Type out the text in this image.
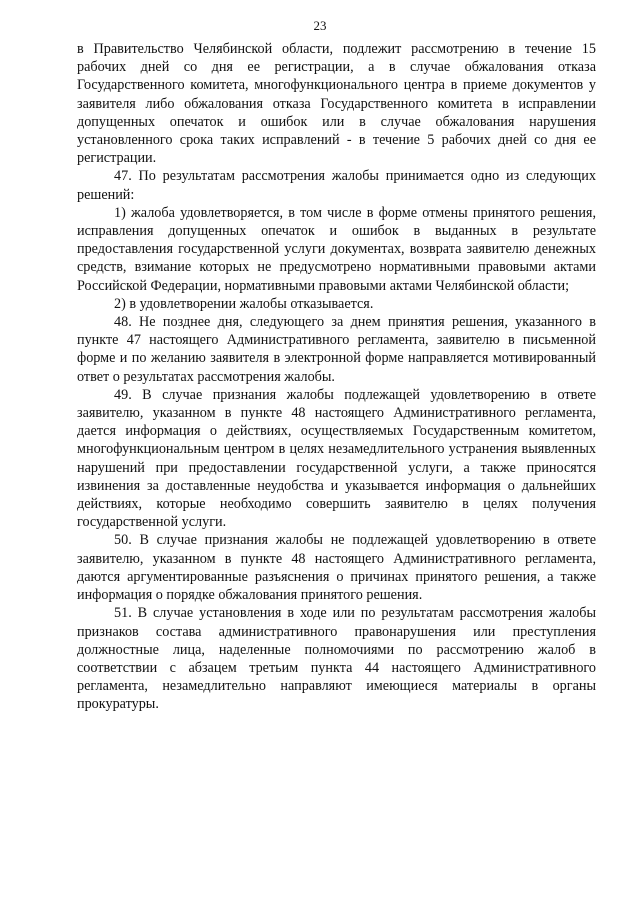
23

в Правительство Челябинской области, подлежит рассмотрению в течение 15 рабочих дней со дня ее регистрации, а в случае обжалования отказа Государственного комитета, многофункционального центра в приеме документов у заявителя либо обжалования отказа Государственного комитета в исправлении допущенных опечаток и ошибок или в случае обжалования нарушения установленного срока таких исправлений - в течение 5 рабочих дней со дня ее регистрации.

47. По результатам рассмотрения жалобы принимается одно из следующих решений:

1) жалоба удовлетворяется, в том числе в форме отмены принятого решения, исправления допущенных опечаток и ошибок в выданных в результате предоставления государственной услуги документах, возврата заявителю денежных средств, взимание которых не предусмотрено нормативными правовыми актами Российской Федерации, нормативными правовыми актами Челябинской области;

2) в удовлетворении жалобы отказывается.

48. Не позднее дня, следующего за днем принятия решения, указанного в пункте 47 настоящего Административного регламента, заявителю в письменной форме и по желанию заявителя в электронной форме направляется мотивированный ответ о результатах рассмотрения жалобы.

49. В случае признания жалобы подлежащей удовлетворению в ответе заявителю, указанном в пункте 48 настоящего Административного регламента, дается информация о действиях, осуществляемых Государственным комитетом, многофункциональным центром в целях незамедлительного устранения выявленных нарушений при предоставлении государственной услуги, а также приносятся извинения за доставленные неудобства и указывается информация о дальнейших действиях, которые необходимо совершить заявителю в целях получения государственной услуги.

50. В случае признания жалобы не подлежащей удовлетворению в ответе заявителю, указанном в пункте 48 настоящего Административного регламента, даются аргументированные разъяснения о причинах принятого решения, а также информация о порядке обжалования принятого решения.

51. В случае установления в ходе или по результатам рассмотрения жалобы признаков состава административного правонарушения или преступления должностные лица, наделенные полномочиями по рассмотрению жалоб в соответствии с абзацем третьим пункта 44 настоящего Административного регламента, незамедлительно направляют имеющиеся материалы в органы прокуратуры.
